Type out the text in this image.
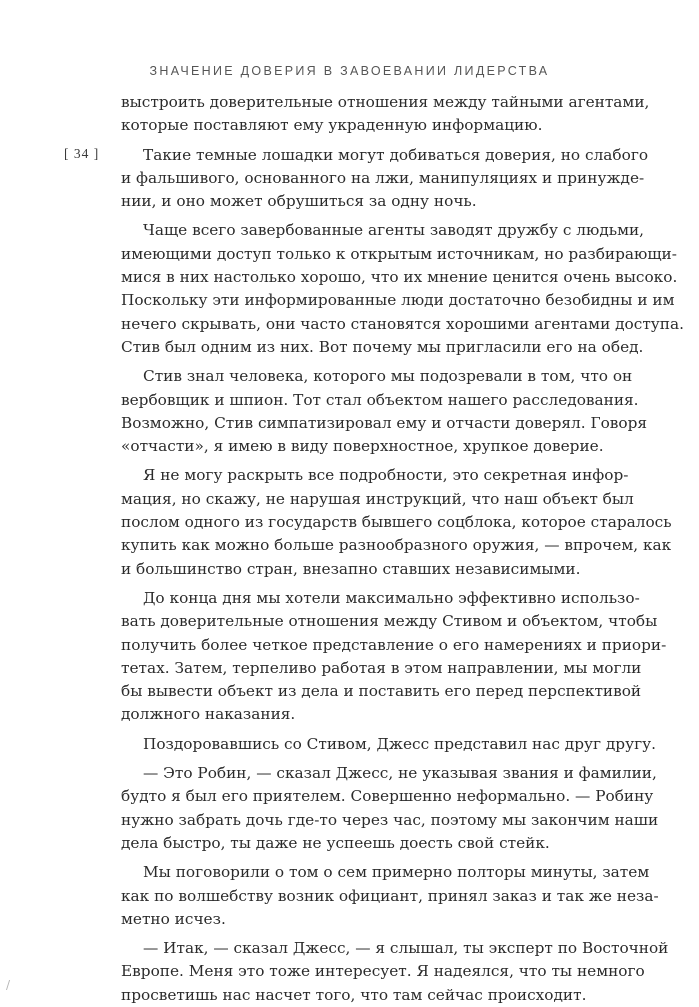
ЗНАЧЕНИЕ ДОВЕРИЯ В ЗАВОЕВАНИИ ЛИДЕРСТВА
[ 34 ]
выстроить доверительные отношения между тайными агентами,
которые поставляют ему украденную информацию.
Такие темные лошадки могут добиваться доверия, но слабого
и фальшивого, основанного на лжи, манипуляциях и принужде-
нии, и оно может обрушиться за одну ночь.
Чаще всего завербованные агенты заводят дружбу с людьми,
имеющими доступ только к открытым источникам, но разбирающи-
мися в них настолько хорошо, что их мнение ценится очень высоко.
Поскольку эти информированные люди достаточно безобидны и им
нечего скрывать, они часто становятся хорошими агентами доступа.
Стив был одним из них. Вот почему мы пригласили его на обед.
Стив знал человека, которого мы подозревали в том, что он
вербовщик и шпион. Тот стал объектом нашего расследования.
Возможно, Стив симпатизировал ему и отчасти доверял. Говоря
«отчасти», я имею в виду поверхностное, хрупкое доверие.
Я не могу раскрыть все подробности, это секретная инфор-
мация, но скажу, не нарушая инструкций, что наш объект был
послом одного из государств бывшего соцблока, которое старалось
купить как можно больше разнообразного оружия, — впрочем, как
и большинство стран, внезапно ставших независимыми.
До конца дня мы хотели максимально эффективно использо-
вать доверительные отношения между Стивом и объектом, чтобы
получить более четкое представление о его намерениях и приори-
тетах. Затем, терпеливо работая в этом направлении, мы могли
бы вывести объект из дела и поставить его перед перспективой
должного наказания.
Поздоровавшись со Стивом, Джесс представил нас друг другу.
— Это Робин, — сказал Джесс, не указывая звания и фамилии,
будто я был его приятелем. Совершенно неформально. — Робину
нужно забрать дочь где-то через час, поэтому мы закончим наши
дела быстро, ты даже не успеешь доесть свой стейк.
Мы поговорили о том о сем примерно полторы минуты, затем
как по волшебству возник официант, принял заказ и так же неза-
метно исчез.
— Итак, — сказал Джесс, — я слышал, ты эксперт по Восточной
Европе. Меня это тоже интересует. Я надеялся, что ты немного
просветишь нас насчет того, что там сейчас происходит.
/
